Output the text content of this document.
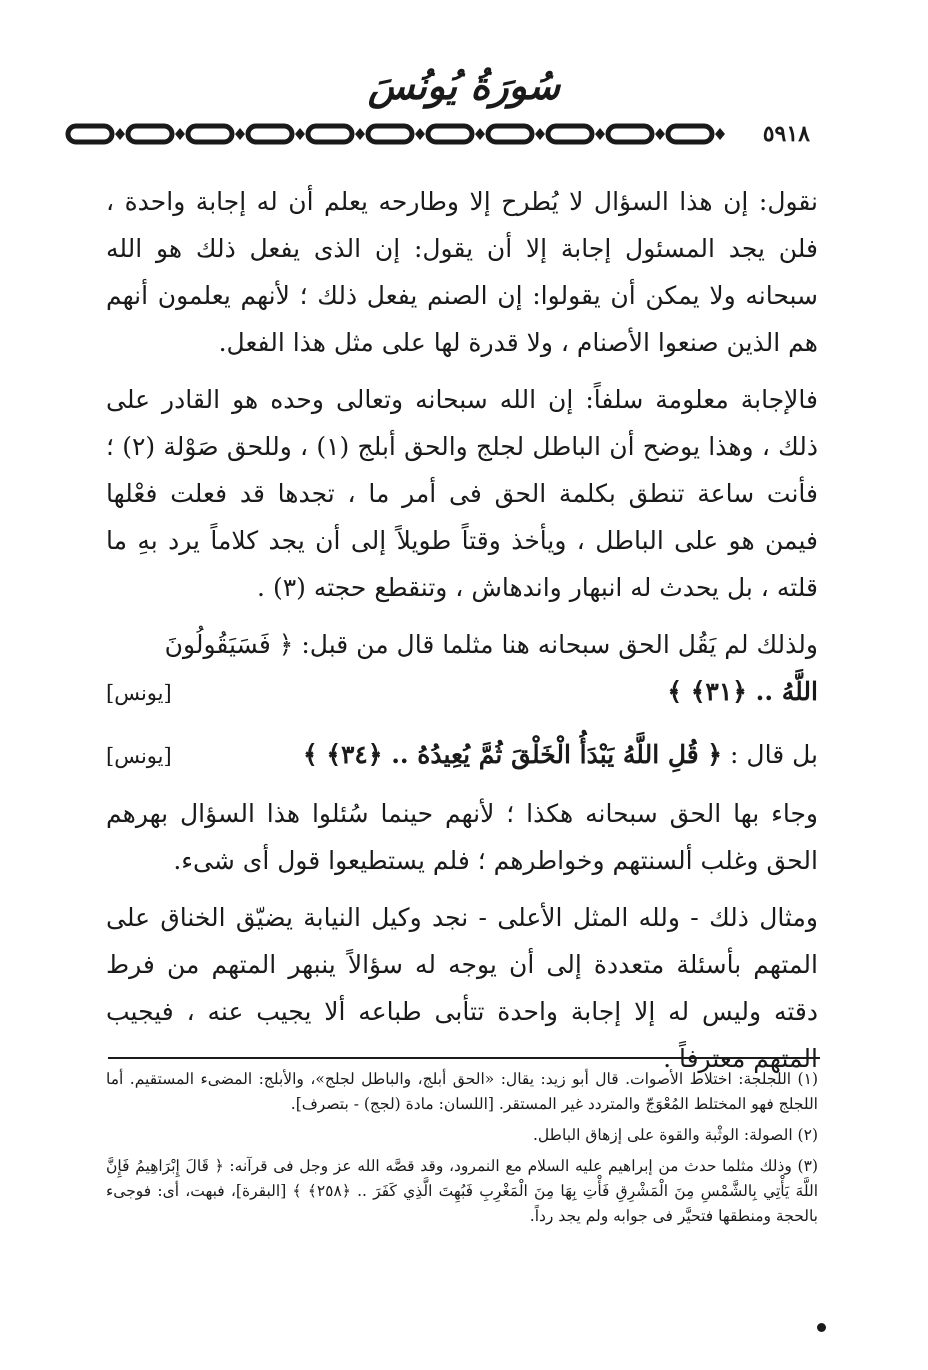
سُورَةُ يُونُسَ
٥٩١٨

نقول: إن هذا السؤال لا يُطرح إلا وطارحه يعلم أن له إجابة واحدة ، فلن يجد المسئول إجابة إلا أن يقول: إن الذى يفعل ذلك هو الله سبحانه ولا يمكن أن يقولوا: إن الصنم يفعل ذلك ؛ لأنهم يعلمون أنهم هم الذين صنعوا الأصنام ، ولا قدرة لها على مثل هذا الفعل.

فالإجابة معلومة سلفاً: إن الله سبحانه وتعالى وحده هو القادر على ذلك ، وهذا يوضح أن الباطل لجلج والحق أبلج (١) ، وللحق صَوْلة (٢) ؛ فأنت ساعة تنطق بكلمة الحق فى أمر ما ، تجدها قد فعلت فعْلها فيمن هو على الباطل ، ويأخذ وقتاً طويلاً إلى أن يجد كلاماً يرد بهِ ما قلته ، بل يحدث له انبهار واندهاش ، وتنقطع حجته (٣) .

ولذلك لم يَقُل الحق سبحانه هنا مثلما قال من قبل: ﴿ فَسَيَقُولُونَ

اللَّهُ .. ﴿٣١﴾ ﴾
[يونس]
بل قال : ﴿ قُلِ اللَّهُ يَبْدَأُ الْخَلْقَ ثُمَّ يُعِيدُهُ .. ﴿٣٤﴾ ﴾
[يونس]

وجاء بها الحق سبحانه هكذا ؛ لأنهم حينما سُئلوا هذا السؤال بهرهم الحق وغلب ألسنتهم وخواطرهم ؛ فلم يستطيعوا قول أى شىء.

ومثال ذلك - ولله المثل الأعلى - نجد وكيل النيابة يضيّق الخناق على المتهم بأسئلة متعددة إلى أن يوجه له سؤالاً ينبهر المتهم من فرط دقته وليس له إلا إجابة واحدة تتأبى طباعه ألا يجيب عنه ، فيجيب المتهم معترفاً .

(١) اللجلجة: اختلاط الأصوات. قال أبو زيد: يقال: «الحق أبلج، والباطل لجلج»، والأبلج: المضىء المستقيم. أما اللجلج فهو المختلط المُعْوَجّ والمتردد غير المستقر. [اللسان: مادة (لجج) - بتصرف].

(٢) الصولة: الوثْبة والقوة على إزهاق الباطل.

(٣) وذلك مثلما حدث من إبراهيم عليه السلام مع النمرود، وقد قصَّه الله عز وجل فى قرآنه: ﴿ قَالَ إِبْرَاهِيمُ فَإِنَّ اللَّهَ يَأْتِي بِالشَّمْسِ مِنَ الْمَشْرِقِ فَأْتِ بِهَا مِنَ الْمَغْرِبِ فَبُهِتَ الَّذِي كَفَرَ .. ﴿٢٥٨﴾ ﴾ [البقرة]، فبهت، أى: فوجىء بالحجة ومنطقها فتحيَّر فى جوابه ولم يجد رداً.
